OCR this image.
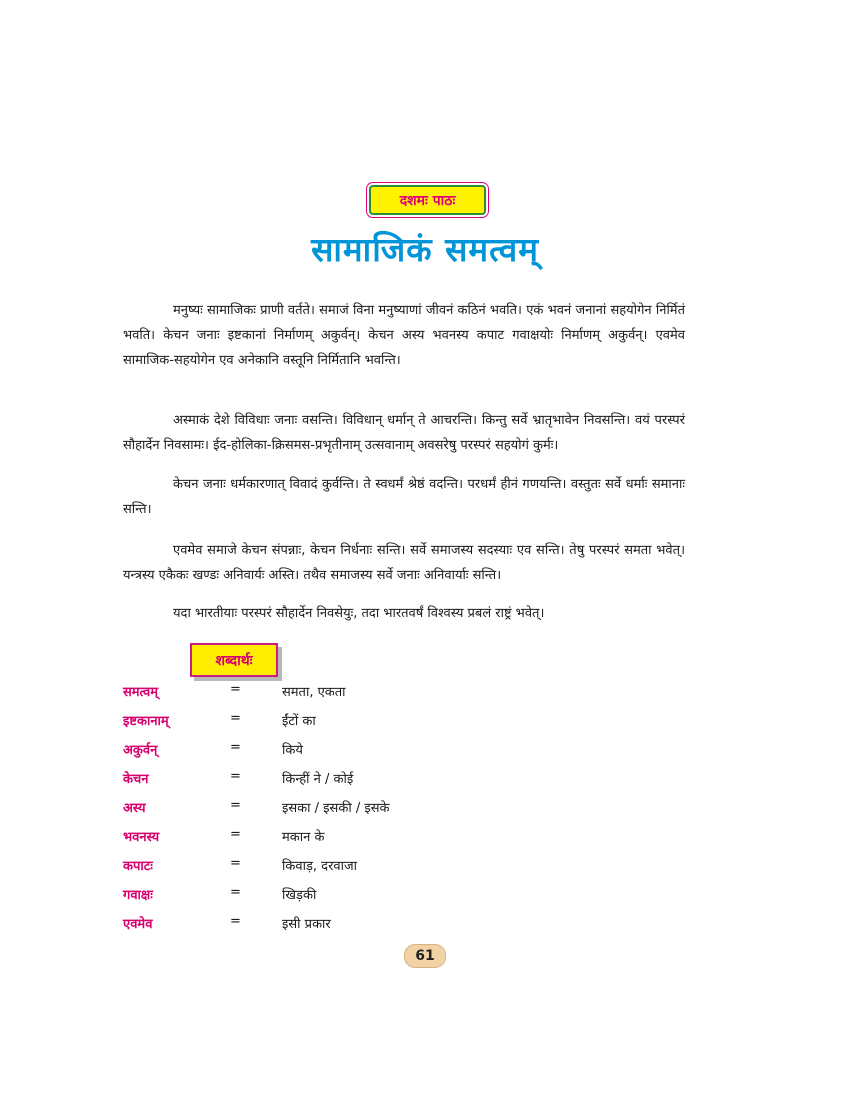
दशमः पाठः
सामाजिकं समत्वम्

मनुष्यः सामाजिकः प्राणी वर्तते। समाजं विना मनुष्याणां जीवनं कठिनं भवति। एकं भवनं जनानां सहयोगेन निर्मितं भवति। केचन जनाः इष्टकानां निर्माणम् अकुर्वन्। केचन अस्य भवनस्य कपाट गवाक्षयोः निर्माणम् अकुर्वन्। एवमेव सामाजिक-सहयोगेन एव अनेकानि वस्तूनि निर्मितानि भवन्ति।

अस्माकं देशे विविधाः जनाः वसन्ति। विविधान् धर्मान् ते आचरन्ति। किन्तु सर्वे भ्रातृभावेन निवसन्ति। वयं परस्परं सौहार्देन निवसामः। ईद-होलिका-क्रिसमस-प्रभृतीनाम् उत्सवानाम् अवसरेषु परस्परं सहयोगं कुर्मः।

केचन जनाः धर्मकारणात् विवादं कुर्वन्ति। ते स्वधर्मं श्रेष्ठं वदन्ति। परधर्मं हीनं गणयन्ति। वस्तुतः सर्वे धर्माः समानाः सन्ति।

एवमेव समाजे केचन संपन्नाः, केचन निर्धनाः सन्ति। सर्वे समाजस्य सदस्याः एव सन्ति। तेषु परस्परं समता भवेत्। यन्त्रस्य एकैकः खण्डः अनिवार्यः अस्ति। तथैव समाजस्य सर्वे जनाः अनिवार्याः सन्ति।

यदा भारतीयाः परस्परं सौहार्देन निवसेयुः, तदा भारतवर्षं विश्वस्य प्रबलं राष्ट्रं भवेत्।

शब्दार्थः
समत्वम्	=	समता, एकता
इष्टकानाम्	=	ईंटों का
अकुर्वन्	=	किये
केचन	=	किन्हीं ने / कोई
अस्य	=	इसका / इसकी / इसके
भवनस्य	=	मकान के
कपाटः	=	किवाड़, दरवाजा
गवाक्षः	=	खिड़की
एवमेव	=	इसी प्रकार
61
